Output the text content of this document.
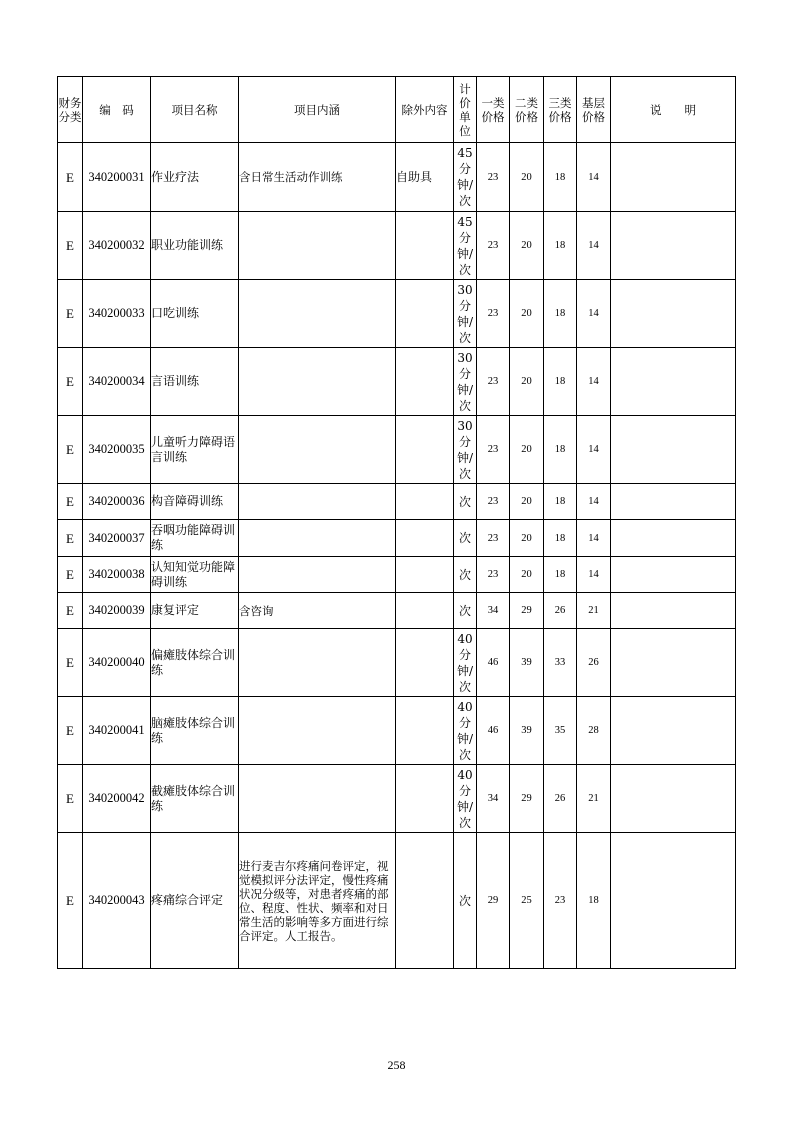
财务分类	编　码	项目名称	项目内涵	除外内容	计价单位	一类价格	二类价格	三类价格	基层价格	说　　明
E	340200031	作业疗法	含日常生活动作训练	自助具	45分钟/次	23	20	18	14	
E	340200032	职业功能训练			45分钟/次	23	20	18	14	
E	340200033	口吃训练			30分钟/次	23	20	18	14	
E	340200034	言语训练			30分钟/次	23	20	18	14	
E	340200035	儿童听力障碍语言训练			30分钟/次	23	20	18	14	
E	340200036	构音障碍训练			次	23	20	18	14	
E	340200037	吞咽功能障碍训练			次	23	20	18	14	
E	340200038	认知知觉功能障碍训练			次	23	20	18	14	
E	340200039	康复评定	含咨询		次	34	29	26	21	
E	340200040	偏瘫肢体综合训练			40分钟/次	46	39	33	26	
E	340200041	脑瘫肢体综合训练			40分钟/次	46	39	35	28	
E	340200042	截瘫肢体综合训练			40分钟/次	34	29	26	21	
E	340200043	疼痛综合评定	进行麦吉尔疼痛问卷评定，视觉模拟评分法评定，慢性疼痛状况分级等，对患者疼痛的部位、程度、性状、频率和对日常生活的影响等多方面进行综合评定。人工报告。		次	29	25	23	18	
258
